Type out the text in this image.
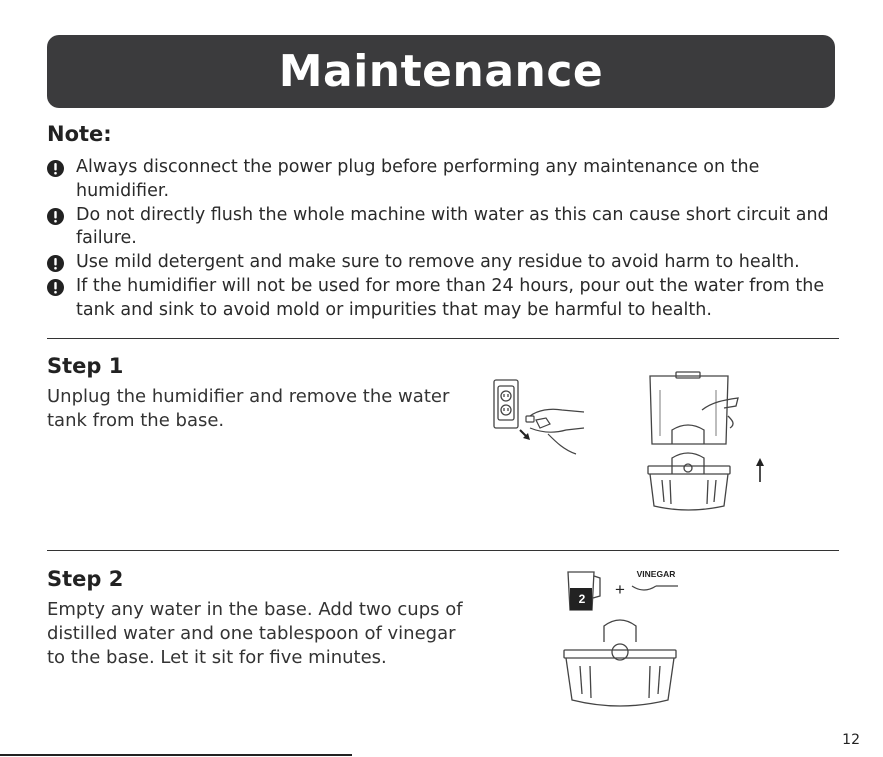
Maintenance
Note:
Always disconnect the power plug before performing any maintenance on the humidifier.
Do not directly flush the whole machine with water as this can cause short circuit and failure.
Use mild detergent and make sure to remove any residue to avoid harm to health.
If the humidifier will not be used for more than 24 hours, pour out the water from the tank and sink to avoid mold or impurities that may be harmful to health.
Step 1
Unplug the humidifier and remove the water tank from the base.
Step 2
Empty any water in the base. Add two cups of distilled water and one tablespoon of vinegar to the base. Let it sit for five minutes.
2 +
VINEGAR
12
